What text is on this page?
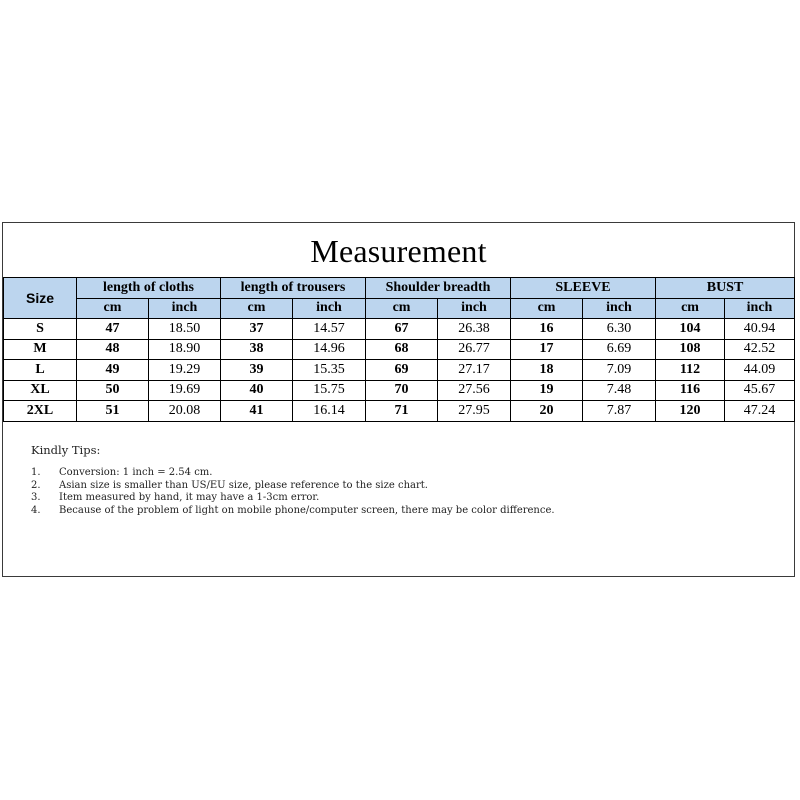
Measurement
Size	length of cloths		length of trousers		Shoulder breadth		SLEEVE		BUST	
	cm	inch	cm	inch	cm	inch	cm	inch	cm	inch
S	47	18.50	37	14.57	67	26.38	16	6.30	104	40.94
M	48	18.90	38	14.96	68	26.77	17	6.69	108	42.52
L	49	19.29	39	15.35	69	27.17	18	7.09	112	44.09
XL	50	19.69	40	15.75	70	27.56	19	7.48	116	45.67
2XL	51	20.08	41	16.14	71	27.95	20	7.87	120	47.24
Kindly Tips:
1.	Conversion: 1 inch = 2.54 cm.
2.	Asian size is smaller than US/EU size, please reference to the size chart.
3.	Item measured by hand, it may have a 1-3cm error.
4.	Because of the problem of light on mobile phone/computer screen, there may be color difference.
